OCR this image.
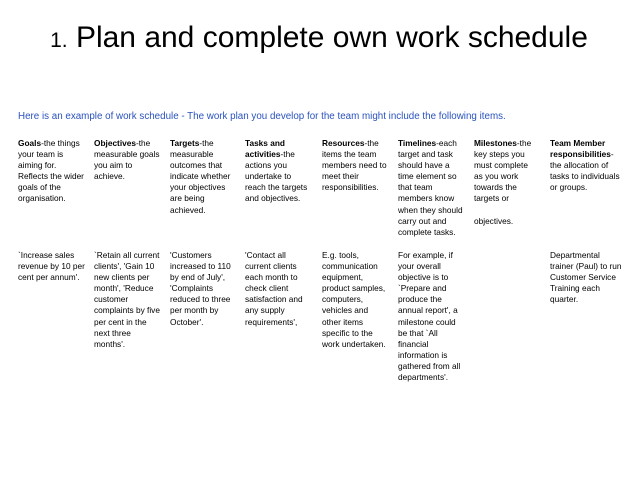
1. Plan and complete own work schedule
Here is an example of work schedule - The work plan you develop for the team might include the following items.
Goals-the things your team is aiming for. Reflects the wider goals of the organisation.
Objectives-the measurable goals you aim to achieve.
Targets-the measurable outcomes that indicate whether your objectives are being achieved.
Tasks and activities-the actions you undertake to reach the targets and objectives.
Resources-the items the team members need to meet their responsibilities.
Timelines-each target and task should have a time element so that team members know when they should carry out and complete tasks.
Milestones-the key steps you must complete as you work towards the targets or

objectives.
Team Member responsibilities- the allocation of tasks to individuals or groups.
`Increase sales revenue by 10 per cent per annum'.
`Retain all current clients', 'Gain 10 new clients per month', 'Reduce customer complaints by five per cent in the next three months'.
'Customers increased to 110 by end of July', 'Complaints reduced to three per month by October'.
'Contact all current clients each month to check client satisfaction and any supply requirements',
E.g. tools, communication equipment, product samples, computers, vehicles and other items specific to the work undertaken.
For example, if your overall objective is to `Prepare and produce the annual report', a milestone could be that `All financial information is gathered from all departments'.
Departmental trainer (Paul) to run Customer Service Training each quarter.
